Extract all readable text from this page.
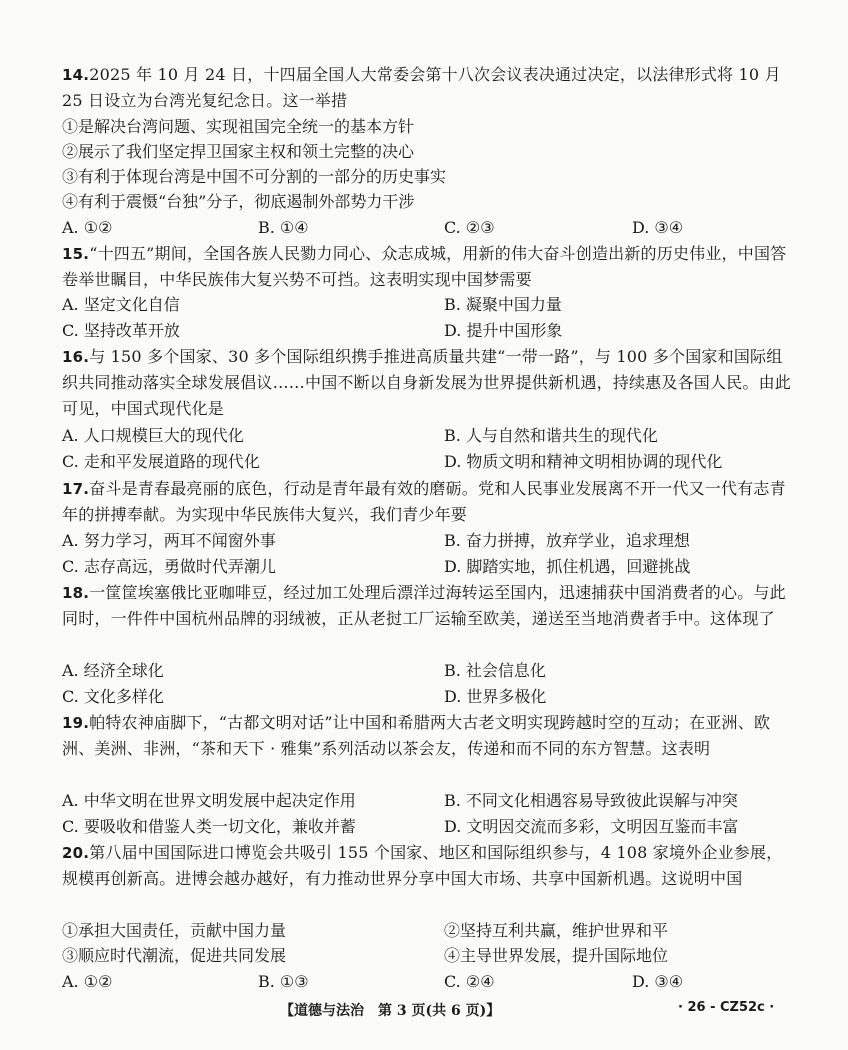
14.2025 年 10 月 24 日，十四届全国人大常委会第十八次会议表决通过决定，以法律形式将 10 月 25 日设立为台湾光复纪念日。这一举措
①是解决台湾问题、实现祖国完全统一的基本方针
②展示了我们坚定捍卫国家主权和领土完整的决心
③有利于体现台湾是中国不可分割的一部分的历史事实
④有利于震慑“台独”分子，彻底遏制外部势力干涉
A. ①②	B. ①④	C. ②③	D. ③④
15.“十四五”期间，全国各族人民勠力同心、众志成城，用新的伟大奋斗创造出新的历史伟业，中国答卷举世瞩目，中华民族伟大复兴势不可挡。这表明实现中国梦需要
A. 坚定文化自信	B. 凝聚中国力量
C. 坚持改革开放	D. 提升中国形象
16.与 150 多个国家、30 多个国际组织携手推进高质量共建“一带一路”，与 100 多个国家和国际组织共同推动落实全球发展倡议……中国不断以自身新发展为世界提供新机遇，持续惠及各国人民。由此可见，中国式现代化是
A. 人口规模巨大的现代化	B. 人与自然和谐共生的现代化
C. 走和平发展道路的现代化	D. 物质文明和精神文明相协调的现代化
17.奋斗是青春最亮丽的底色，行动是青年最有效的磨砺。党和人民事业发展离不开一代又一代有志青年的拼搏奉献。为实现中华民族伟大复兴，我们青少年要
A. 努力学习，两耳不闻窗外事	B. 奋力拼搏，放弃学业，追求理想
C. 志存高远，勇做时代弄潮儿	D. 脚踏实地，抓住机遇，回避挑战
18.一筐筐埃塞俄比亚咖啡豆，经过加工处理后漂洋过海转运至国内，迅速捕获中国消费者的心。与此同时，一件件中国杭州品牌的羽绒被，正从老挝工厂运输至欧美，递送至当地消费者手中。这体现了
A. 经济全球化	B. 社会信息化
C. 文化多样化	D. 世界多极化
19.帕特农神庙脚下，“古都文明对话”让中国和希腊两大古老文明实现跨越时空的互动；在亚洲、欧洲、美洲、非洲，“茶和天下 · 雅集”系列活动以茶会友，传递和而不同的东方智慧。这表明
A. 中华文明在世界文明发展中起决定作用	B. 不同文化相遇容易导致彼此误解与冲突
C. 要吸收和借鉴人类一切文化，兼收并蓄	D. 文明因交流而多彩，文明因互鉴而丰富
20.第八届中国国际进口博览会共吸引 155 个国家、地区和国际组织参与，4 108 家境外企业参展，规模再创新高。进博会越办越好，有力推动世界分享中国大市场、共享中国新机遇。这说明中国
①承担大国责任，贡献中国力量	②坚持互利共赢，维护世界和平
③顺应时代潮流，促进共同发展	④主导世界发展，提升国际地位
A. ①②	B. ①③	C. ②④	D. ③④
【道德与法治　第 3 页(共 6 页)】	· 26 - CZ52c ·
